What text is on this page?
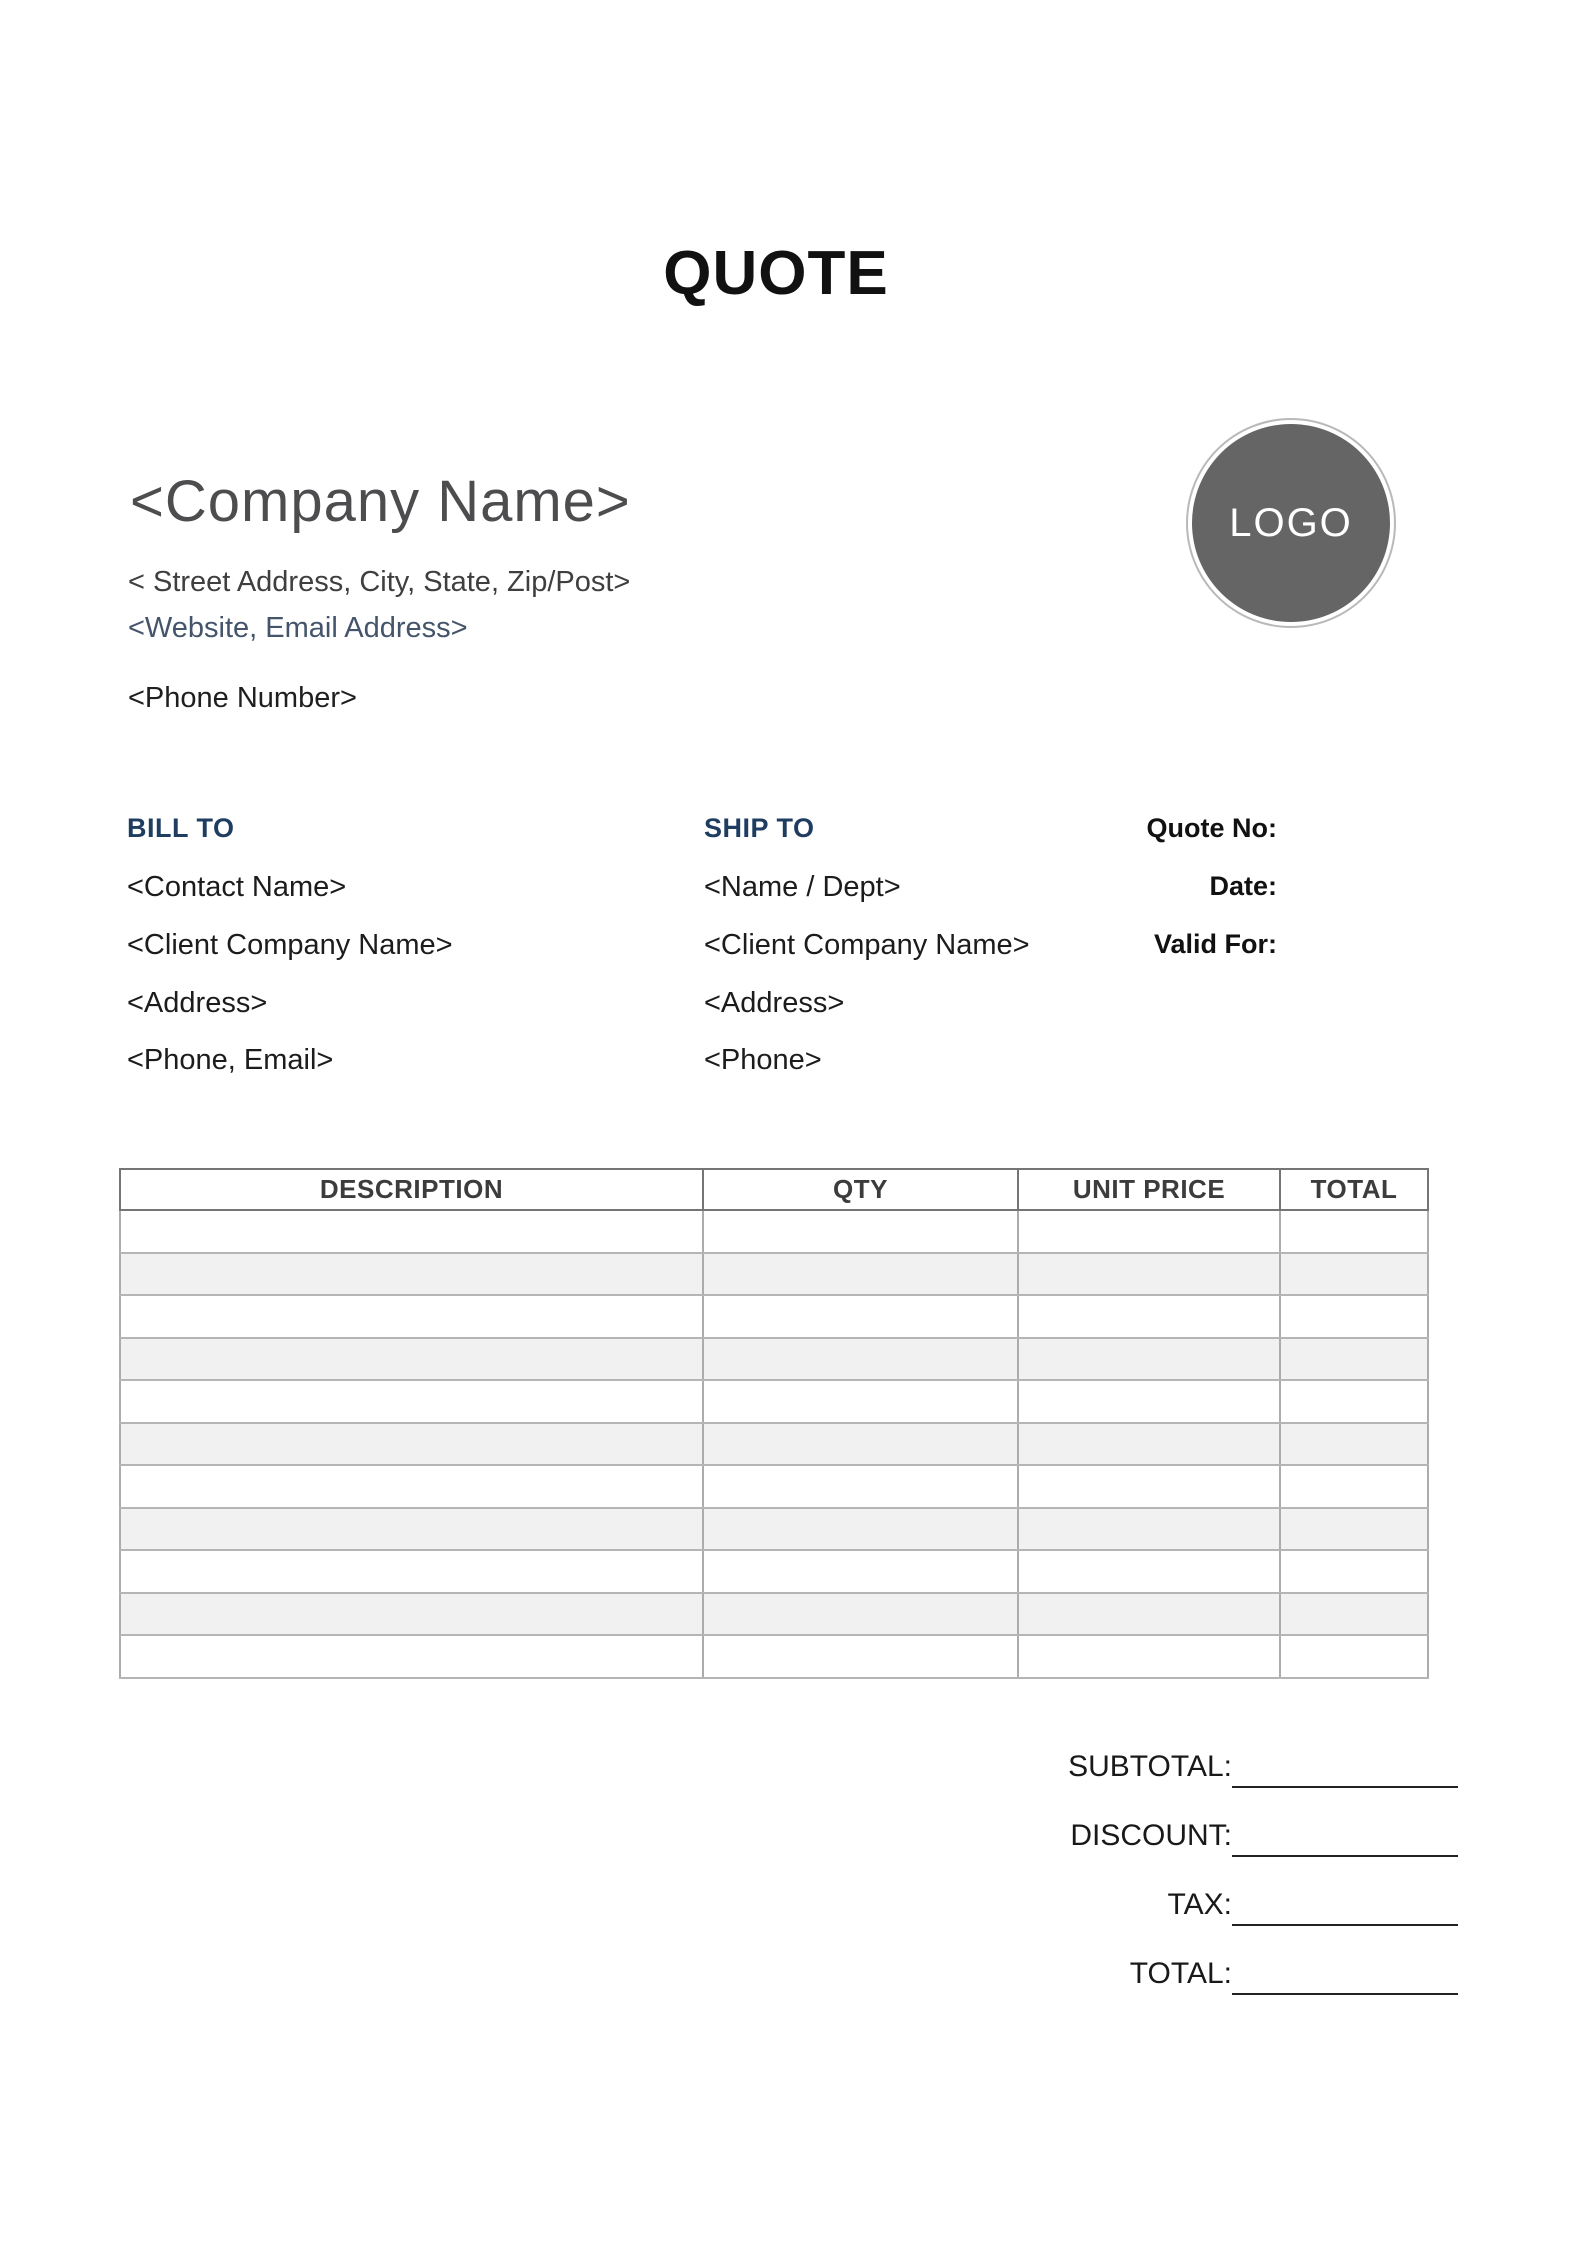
QUOTE
<Company Name>
< Street Address, City, State, Zip/Post>
<Website, Email Address>
<Phone Number>
LOGO
BILL TO
<Contact Name>
<Client Company Name>
<Address>
<Phone, Email>
SHIP TO
<Name / Dept>
<Client Company Name>
<Address>
<Phone>
Quote No:
Date:
Valid For:
DESCRIPTION	QTY	UNIT PRICE	TOTAL

SUBTOTAL:
DISCOUNT:
TAX:
TOTAL:
